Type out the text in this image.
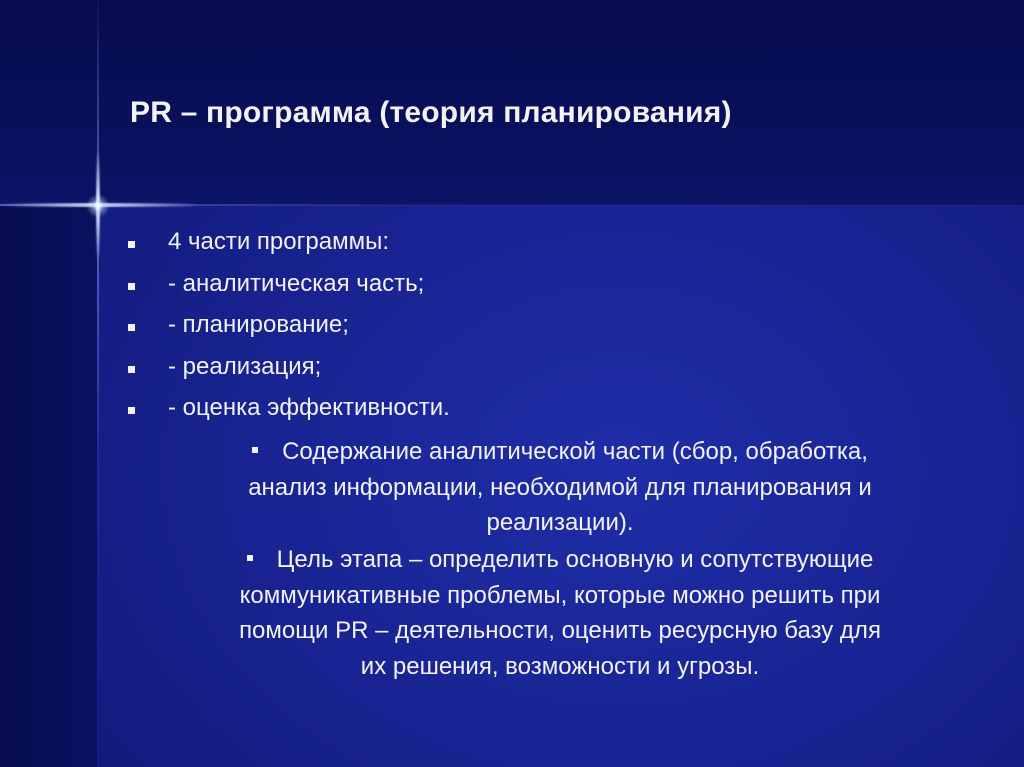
PR – программа (теория планирования)
4 части программы:
- аналитическая часть;
- планирование;
- реализация;
- оценка эффективности.
Содержание аналитической части (сбор, обработка,
анализ информации, необходимой для планирования и
реализации).
Цель этапа – определить основную и сопутствующие
коммуникативные проблемы, которые можно решить при
помощи PR – деятельности, оценить ресурсную базу для
их решения, возможности и угрозы.
